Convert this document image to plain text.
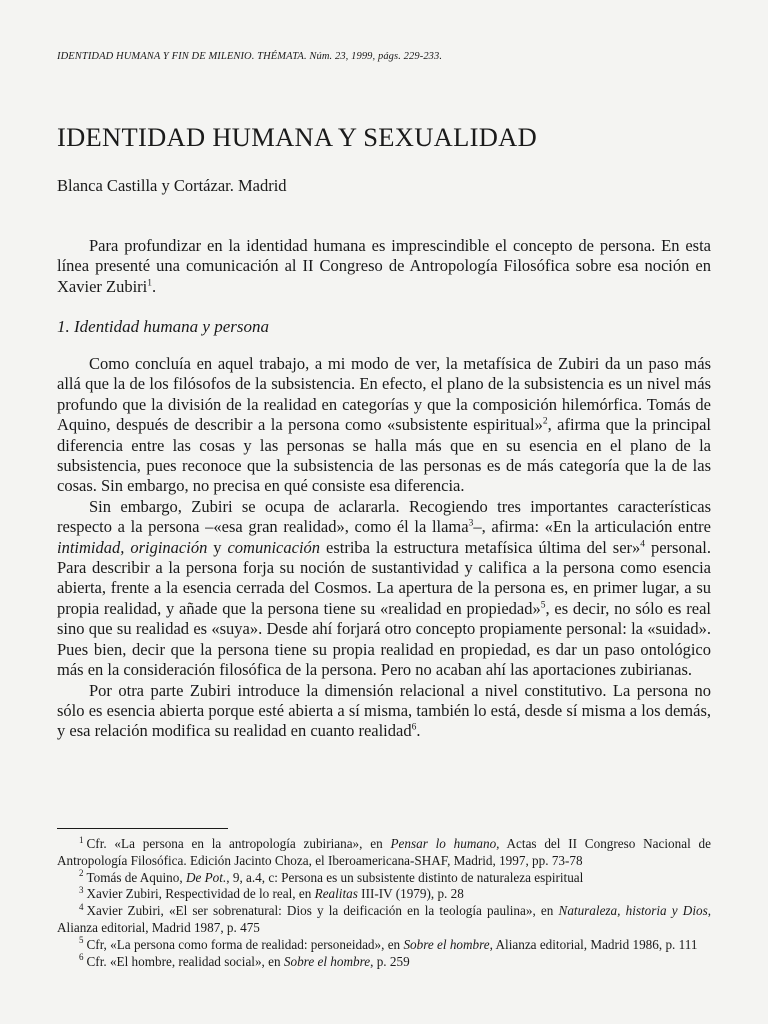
IDENTIDAD HUMANA Y FIN DE MILENIO. THÉMATA. Núm. 23, 1999, págs. 229-233.
IDENTIDAD HUMANA Y SEXUALIDAD
Blanca Castilla y Cortázar. Madrid

Para profundizar en la identidad humana es imprescindible el concepto de persona. En esta línea presenté una comunicación al II Congreso de Antropología Filosófica sobre esa noción en Xavier Zubiri$^1$.

1. Identidad humana y persona

Como concluía en aquel trabajo, a mi modo de ver, la metafísica de Zubiri da un paso más allá que la de los filósofos de la subsistencia. En efecto, el plano de la subsistencia es un nivel más profundo que la división de la realidad en categorías y que la composición hilemórfica. Tomás de Aquino, después de describir a la persona como «subsistente espiritual»$^2$, afirma que la principal diferencia entre las cosas y las personas se halla más que en su esencia en el plano de la subsistencia, pues reconoce que la subsistencia de las personas es de más categoría que la de las cosas. Sin embargo, no precisa en qué consiste esa diferencia.

Sin embargo, Zubiri se ocupa de aclararla. Recogiendo tres importantes características respecto a la persona –«esa gran realidad», como él la llama$^3$–, afirma: «En la articulación entre intimidad, originación y comunicación estriba la estructura metafísica última del ser»$^4$ personal. Para describir a la persona forja su noción de sustantividad y califica a la persona como esencia abierta, frente a la esencia cerrada del Cosmos. La apertura de la persona es, en primer lugar, a su propia realidad, y añade que la persona tiene su «realidad en propiedad»$^5$, es decir, no sólo es real sino que su realidad es «suya». Desde ahí forjará otro concepto propiamente personal: la «suidad». Pues bien, decir que la persona tiene su propia realidad en propiedad, es dar un paso ontológico más en la consideración filosófica de la persona. Pero no acaban ahí las aportaciones zubirianas.

Por otra parte Zubiri introduce la dimensión relacional a nivel constitutivo. La persona no sólo es esencia abierta porque esté abierta a sí misma, también lo está, desde sí misma a los demás, y esa relación modifica su realidad en cuanto realidad$^6$.

$^1$ Cfr. «La persona en la antropología zubiriana», en Pensar lo humano, Actas del II Congreso Nacional de Antropología Filosófica. Edición Jacinto Choza, el Iberoamericana-SHAF, Madrid, 1997, pp. 73-78

$^2$ Tomás de Aquino, De Pot., 9, a.4, c: Persona es un subsistente distinto de naturaleza espiritual

$^3$ Xavier Zubiri, Respectividad de lo real, en Realitas III-IV (1979), p. 28

$^4$ Xavier Zubiri, «El ser sobrenatural: Dios y la deificación en la teología paulina», en Naturaleza, historia y Dios, Alianza editorial, Madrid 1987, p. 475

$^5$ Cfr, «La persona como forma de realidad: personeidad», en Sobre el hombre, Alianza editorial, Madrid 1986, p. 111

$^6$ Cfr. «El hombre, realidad social», en Sobre el hombre, p. 259
